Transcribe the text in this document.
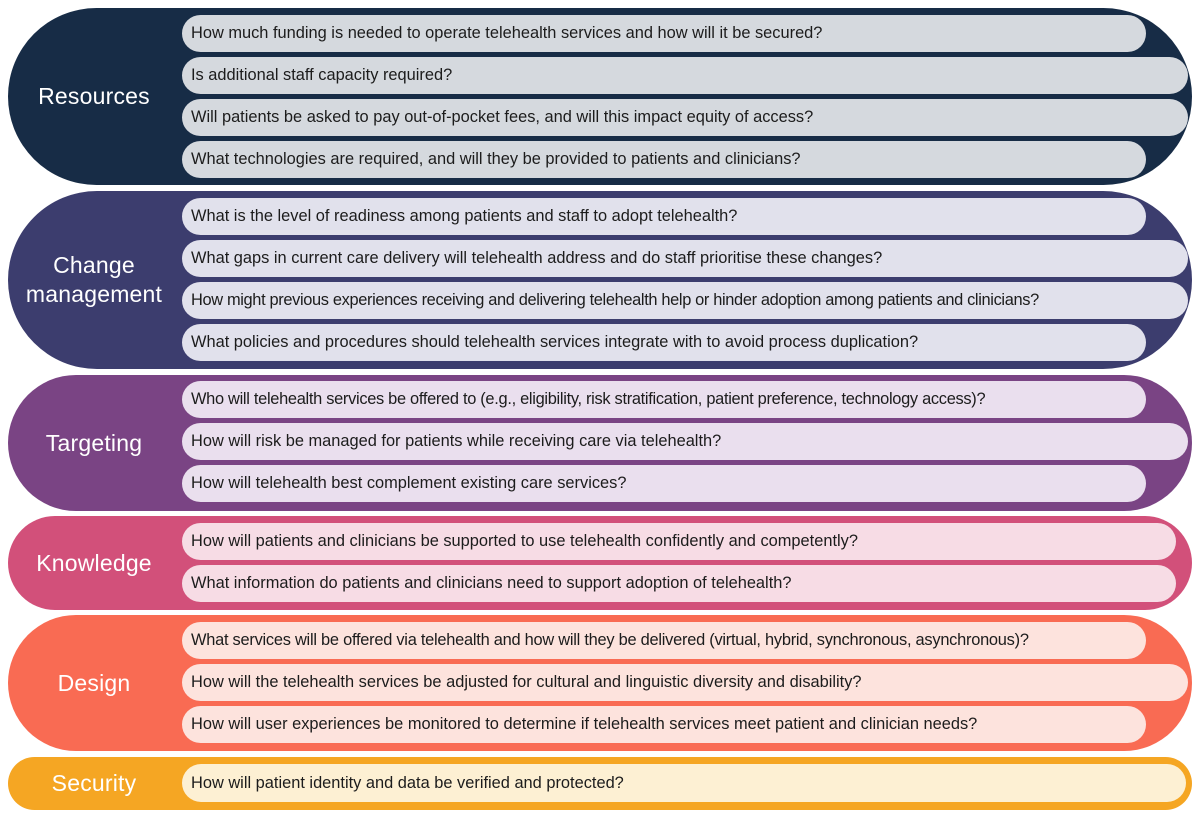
Resources
How much funding is needed to operate telehealth services and how will it be secured?
Is additional staff capacity required?
Will patients be asked to pay out-of-pocket fees, and will this impact equity of access?
What technologies are required, and will they be provided to patients and clinicians?
Change
management
What is the level of readiness among patients and staff to adopt telehealth?
What gaps in current care delivery will telehealth address and do staff prioritise these changes?
How might previous experiences receiving and delivering telehealth help or hinder adoption among patients and clinicians?
What policies and procedures should telehealth services integrate with to avoid process duplication?
Targeting
Who will telehealth services be offered to (e.g., eligibility, risk stratification, patient preference, technology access)?
How will risk be managed for patients while receiving care via telehealth?
How will telehealth best complement existing care services?
Knowledge
How will patients and clinicians be supported to use telehealth confidently and competently?
What information do patients and clinicians need to support adoption of telehealth?
Design
What services will be offered via telehealth and how will they be delivered (virtual, hybrid, synchronous, asynchronous)?
How will the telehealth services be adjusted for cultural and linguistic diversity and disability?
How will user experiences be monitored to determine if telehealth services meet patient and clinician needs?
Security	How will patient identity and data be verified and protected?
